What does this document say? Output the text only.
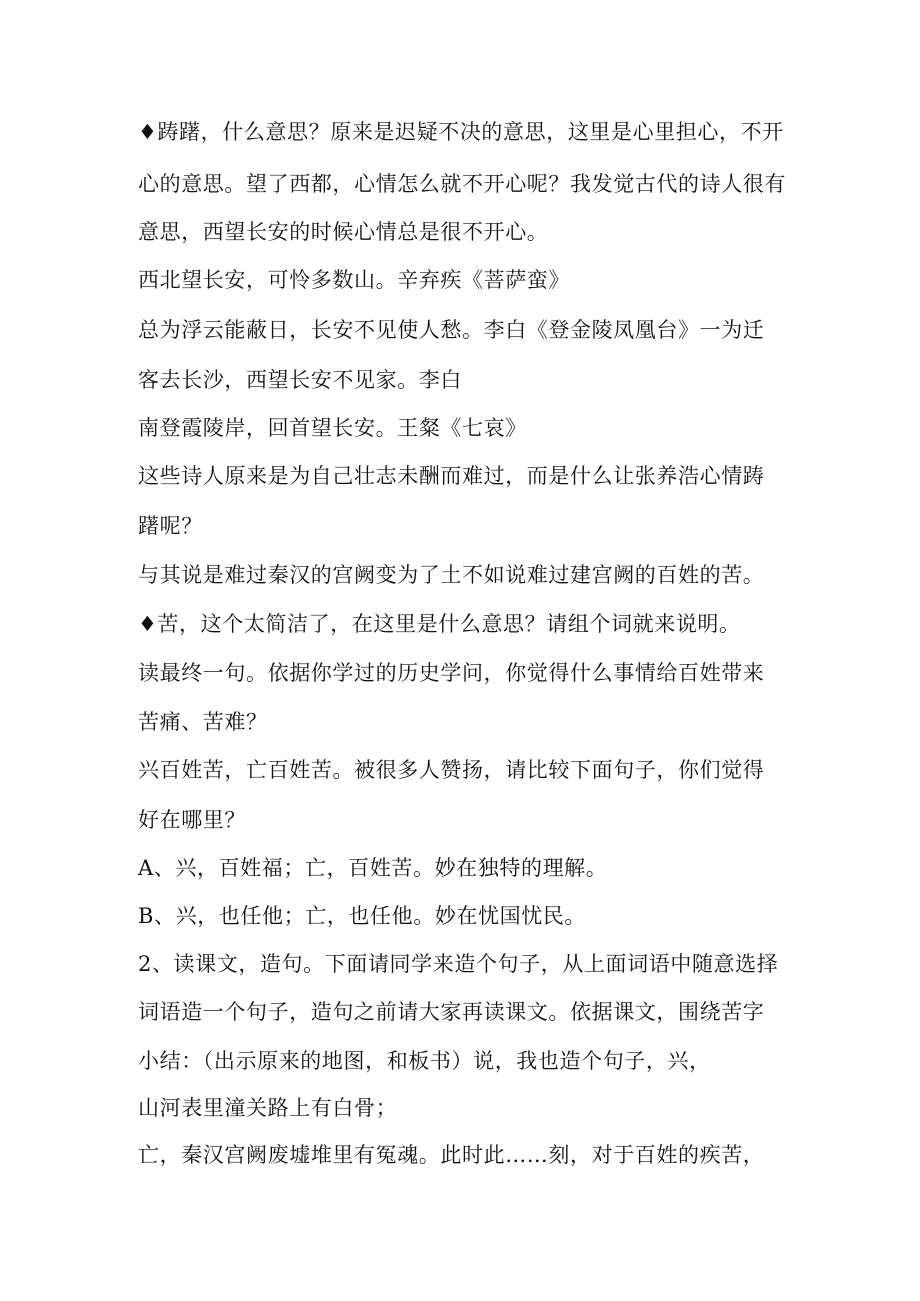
♦踌躇，什么意思？原来是迟疑不决的意思，这里是心里担心，不开
心的意思。望了西都，心情怎么就不开心呢？我发觉古代的诗人很有
意思，西望长安的时候心情总是很不开心。
西北望长安，可怜多数山。辛弃疾《菩萨蛮》
总为浮云能蔽日，长安不见使人愁。李白《登金陵凤凰台》一为迁
客去长沙，西望长安不见家。李白
南登霞陵岸，回首望长安。王粲《七哀》
这些诗人原来是为自己壮志未酬而难过，而是什么让张养浩心情踌
躇呢？
与其说是难过秦汉的宫阙变为了土不如说难过建宫阙的百姓的苦。
♦苦，这个太简洁了，在这里是什么意思？请组个词就来说明。
读最终一句。依据你学过的历史学问，你觉得什么事情给百姓带来
苦痛、苦难？
兴百姓苦，亡百姓苦。被很多人赞扬，请比较下面句子，你们觉得
好在哪里？
A、兴，百姓福；亡，百姓苦。妙在独特的理解。
B、兴，也任他；亡，也任他。妙在忧国忧民。
2、读课文，造句。下面请同学来造个句子，从上面词语中随意选择
词语造一个句子，造句之前请大家再读课文。依据课文，围绕苦字
小结：（出示原来的地图，和板书）说，我也造个句子，兴，
山河表里潼关路上有白骨；
亡，秦汉宫阙废墟堆里有冤魂。此时此……刻，对于百姓的疾苦，
